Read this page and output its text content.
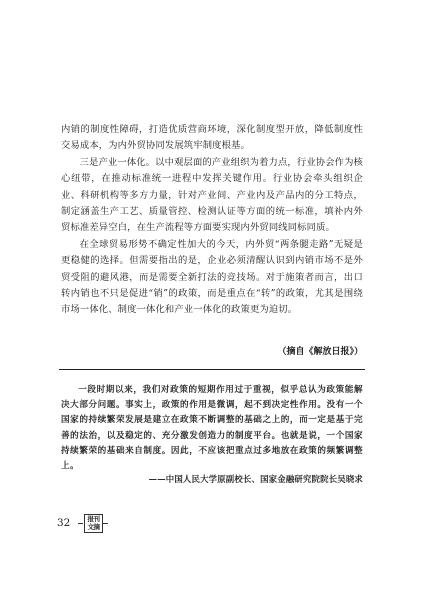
内销的制度性障碍，打造优质营商环境，深化制度型开放，降低制度性交易成本，为内外贸协同发展筑牢制度根基。

三是产业一体化。以中观层面的产业组织为着力点，行业协会作为核心纽带，在推动标准统一进程中发挥关键作用。行业协会牵头组织企业、科研机构等多方力量，针对产业间、产业内及产品内的分工特点，制定涵盖生产工艺、质量管控、检测认证等方面的统一标准，填补内外贸标准差异空白，在生产流程等方面要实现内外贸同线同标同质。

在全球贸易形势不确定性加大的今天，内外贸“两条腿走路”无疑是更稳健的选择。但需要指出的是，企业必须清醒认识到内销市场不是外贸受阻的避风港，而是需要全新打法的竞技场。对于施策者而言，出口转内销也不只是促进“销”的政策，而是重点在“转”的政策，尤其是围绕市场一体化、制度一体化和产业一体化的政策更为迫切。

（摘自《解放日报》）

一段时期以来，我们对政策的短期作用过于重视，似乎总认为政策能解决大部分问题。事实上，政策的作用是微调，起不到决定性作用。没有一个国家的持续繁荣发展是建立在政策不断调整的基础之上的，而一定是基于完善的法治，以及稳定的、充分激发创造力的制度平台。也就是说，一个国家持续繁荣的基础来自制度。因此，不应该把重点过多地放在政策的频繁调整上。

——中国人民大学原副校长、国家金融研究院院长吴晓求
32	报刊文摘
